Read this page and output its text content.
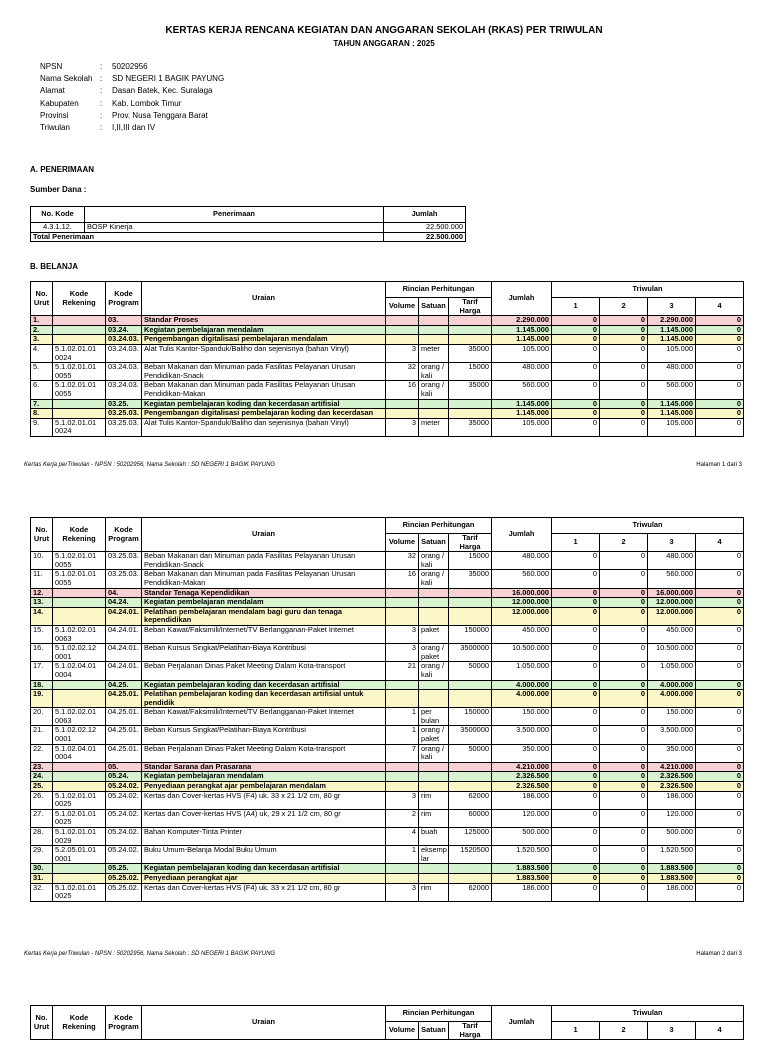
KERTAS KERJA RENCANA KEGIATAN DAN ANGGARAN SEKOLAH (RKAS) PER TRIWULAN
TAHUN ANGGARAN : 2025
NPSN	:	50202956
Nama Sekolah	:	SD NEGERI 1 BAGIK PAYUNG
Alamat	:	Dasan Batek, Kec. Suralaga
Kabupaten	:	Kab. Lombok Timur
Provinsi	:	Prov. Nusa Tenggara Barat
Triwulan	:	I,II,III dan IV
A. PENERIMAAN
Sumber Dana :
No. Kode	Penerimaan	Jumlah
4.3.1.12.	BOSP Kinerja	22.500.000
Total Penerimaan		22.500.000
B. BELANJA
No. Urut	Kode Rekening	Kode Program	Uraian	Rincian Perhitungan			Jumlah	Triwulan			
				Volume	Satuan	Tarif Harga		1	2	3	4
1.		03.	Standar Proses				2.290.000	0	0	2.290.000	0
2.		03.24.	Kegiatan pembelajaran mendalam				1.145.000	0	0	1.145.000	0
3.		03.24.03.	Pengembangan digitalisasi pembelajaran mendalam				1.145.000	0	0	1.145.000	0
4.	5.1.02.01.01 0024	03.24.03.	Alat Tulis Kantor-Spanduk/Baliho dan sejenisnya (bahan Vinyl)	3	meter	35000	105.000	0	0	105.000	0
5.	5.1.02.01.01 0055	03.24.03.	Beban Makanan dan Minuman pada Fasilitas Pelayanan Urusan Pendidikan-Snack	32	orang / kali	15000	480.000	0	0	480.000	0
6.	5.1.02.01.01 0055	03.24.03.	Beban Makanan dan Minuman pada Fasilitas Pelayanan Urusan Pendidikan-Makan	16	orang / kali	35000	560.000	0	0	560.000	0
7.		03.25.	Kegiatan pembelajaran koding dan kecerdasan artifisial				1.145.000	0	0	1.145.000	0
8.		03.25.03.	Pengembangan digitalisasi pembelajaran koding dan kecerdasan				1.145.000	0	0	1.145.000	0
9.	5.1.02.01.01 0024	03.25.03.	Alat Tulis Kantor-Spanduk/Baliho dan sejenisnya (bahan Vinyl)	3	meter	35000	105.000	0	0	105.000	0
Kertas Kerja perTriwulan - NPSN : 50202956, Nama Sekolah : SD NEGERI 1 BAGIK PAYUNG	Halaman 1 dari 3
No. Urut	Kode Rekening	Kode Program	Uraian	Rincian Perhitungan			Jumlah	Triwulan			
				Volume	Satuan	Tarif Harga		1	2	3	4
10.	5.1.02.01.01 0055	03.25.03.	Beban Makanan dan Minuman pada Fasilitas Pelayanan Urusan Pendidikan-Snack	32	orang / kali	15000	480.000	0	0	480.000	0
11.	5.1.02.01.01 0055	03.25.03.	Beban Makanan dan Minuman pada Fasilitas Pelayanan Urusan Pendidikan-Makan	16	orang / kali	35000	560.000	0	0	560.000	0
12.		04.	Standar Tenaga Kependidikan				16.000.000	0	0	16.000.000	0
13.		04.24.	Kegiatan pembelajaran mendalam				12.000.000	0	0	12.000.000	0
14.		04.24.01.	Pelatihan pembelajaran mendalam bagi guru dan tenaga kependidikan				12.000.000	0	0	12.000.000	0
15.	5.1.02.02.01 0063	04.24.01.	Beban Kawat/Faksimili/Internet/TV Berlangganan-Paket Internet	3	paket	150000	450.000	0	0	450.000	0
16.	5.1.02.02.12 0001	04.24.01.	Beban Kursus Singkat/Pelatihan-Biaya Kontribusi	3	orang / paket	3500000	10.500.000	0	0	10.500.000	0
17.	5.1.02.04.01 0004	04.24.01.	Beban Perjalanan Dinas Paket Meeting Dalam Kota-transport	21	orang / kali	50000	1.050.000	0	0	1.050.000	0
18.		04.25.	Kegiatan pembelajaran koding dan kecerdasan artifisial				4.000.000	0	0	4.000.000	0
19.		04.25.01.	Pelatihan pembelajaran koding dan kecerdasan artifisial untuk pendidik				4.000.000	0	0	4.000.000	0
20.	5.1.02.02.01 0063	04.25.01.	Beban Kawat/Faksimili/Internet/TV Berlangganan-Paket Internet	1	per bulan	150000	150.000	0	0	150.000	0
21.	5.1.02.02.12 0001	04.25.01.	Beban Kursus Singkat/Pelatihan-Biaya Kontribusi	1	orang / paket	3500000	3.500.000	0	0	3.500.000	0
22.	5.1.02.04.01 0004	04.25.01.	Beban Perjalanan Dinas Paket Meeting Dalam Kota-transport	7	orang / kali	50000	350.000	0	0	350.000	0
23.		05.	Standar Sarana dan Prasarana				4.210.000	0	0	4.210.000	0
24.		05.24.	Kegiatan pembelajaran mendalam				2.326.500	0	0	2.326.500	0
25.		05.24.02.	Penyediaan perangkat ajar pembelajaran mendalam				2.326.500	0	0	2.326.500	0
26.	5.1.02.01.01 0025	05.24.02.	Kertas dan Cover-kertas HVS (F4) uk. 33 x 21 1/2 cm, 80 gr	3	rim	62000	186.000	0	0	186.000	0
27.	5.1.02.01.01 0025	05.24.02.	Kertas dan Cover-kertas HVS (A4) uk, 29 x 21 1/2 cm, 80 gr	2	rim	60000	120.000	0	0	120.000	0
28.	5.1.02.01.01 0029	05.24.02.	Bahan Komputer-Tinta Printer	4	buah	125000	500.000	0	0	500.000	0
29.	5.2.05.01.01 0001	05.24.02.	Buku Umum-Belanja Modal Buku Umum	1	eksemp lar	1520500	1.520.500	0	0	1.520.500	0
30.		05.25.	Kegiatan pembelajaran koding dan kecerdasan artifisial				1.883.500	0	0	1.883.500	0
31.		05.25.02.	Penyediaan perangkat ajar				1.883.500	0	0	1.883.500	0
32.	5.1.02.01.01 0025	05.25.02.	Kertas dan Cover-kertas HVS (F4) uk. 33 x 21 1/2 cm, 80 gr	3	rim	62000	186.000	0	0	186.000	0
Kertas Kerja perTriwulan - NPSN : 50202956, Nama Sekolah : SD NEGERI 1 BAGIK PAYUNG	Halaman 2 dari 3
No. Urut	Kode Rekening	Kode Program	Uraian	Rincian Perhitungan			Jumlah	Triwulan			
				Volume	Satuan	Tarif Harga		1	2	3	4
